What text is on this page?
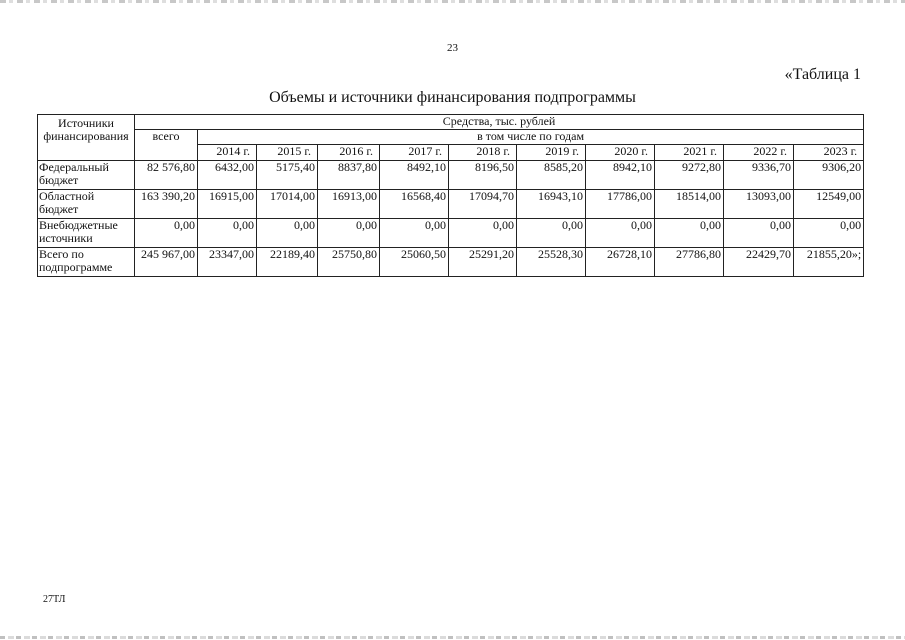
23
«Таблица 1
Объемы и источники финансирования подпрограммы
Источники финансирования	Средства, тыс. рублей										
	всего	в том числе по годам									
		2014 г.	2015 г.	2016 г.	2017 г.	2018 г.	2019 г.	2020 г.	2021 г.	2022 г.	2023 г.
Федеральный бюджет	82 576,80	6432,00	5175,40	8837,80	8492,10	8196,50	8585,20	8942,10	9272,80	9336,70	9306,20
Областной бюджет	163 390,20	16915,00	17014,00	16913,00	16568,40	17094,70	16943,10	17786,00	18514,00	13093,00	12549,00
Внебюджетные источники	0,00	0,00	0,00	0,00	0,00	0,00	0,00	0,00	0,00	0,00	0,00
Всего по подпрограмме	245 967,00	23347,00	22189,40	25750,80	25060,50	25291,20	25528,30	26728,10	27786,80	22429,70	21855,20»;
27ТЛ
